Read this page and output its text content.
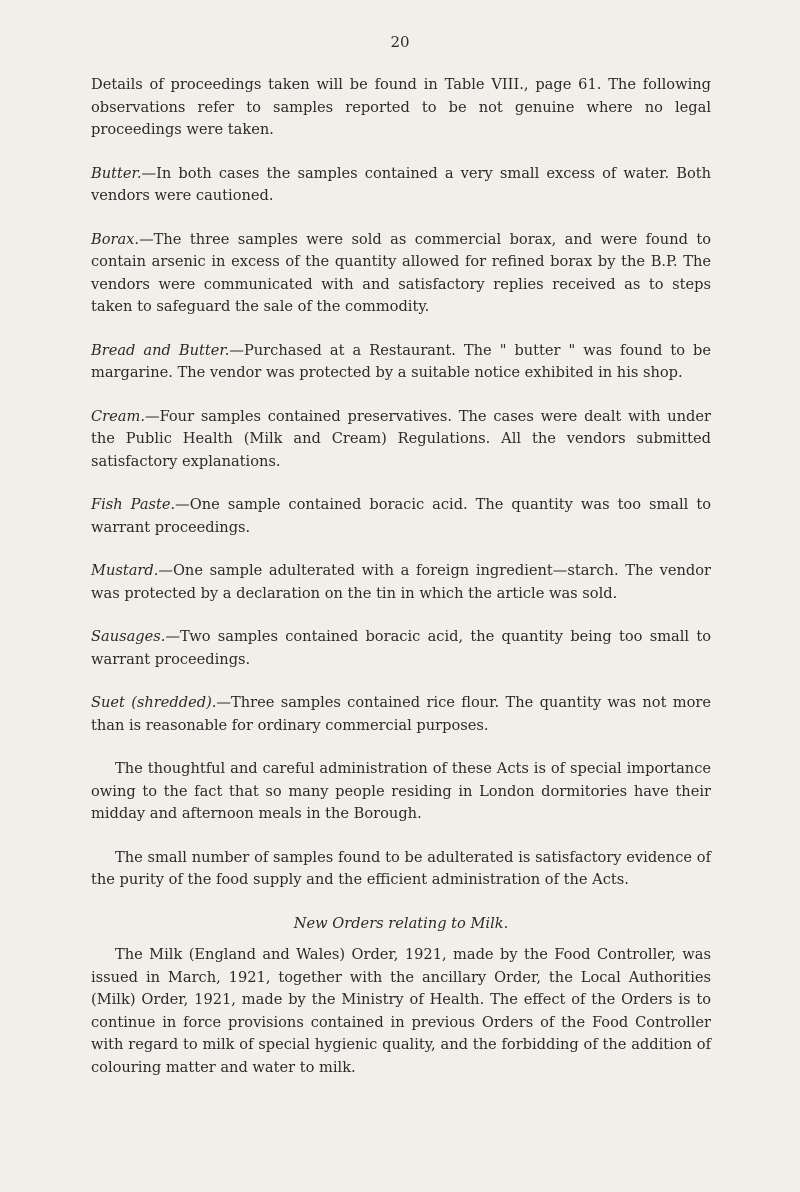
20

Details of proceedings taken will be found in Table VIII., page 61. The following observations refer to samples reported to be not genuine where no legal proceedings were taken.

Butter.—In both cases the samples contained a very small excess of water. Both vendors were cautioned.

Borax.—The three samples were sold as commercial borax, and were found to contain arsenic in excess of the quantity allowed for refined borax by the B.P. The vendors were communicated with and satisfactory replies received as to steps taken to safeguard the sale of the commodity.

Bread and Butter.—Purchased at a Restaurant. The " butter " was found to be margarine. The vendor was protected by a suitable notice exhibited in his shop.

Cream.—Four samples contained preservatives. The cases were dealt with under the Public Health (Milk and Cream) Regulations. All the vendors submitted satisfactory explanations.

Fish Paste.—One sample contained boracic acid. The quantity was too small to warrant proceedings.

Mustard.—One sample adulterated with a foreign ingredient—starch. The vendor was protected by a declaration on the tin in which the article was sold.

Sausages.—Two samples contained boracic acid, the quantity being too small to warrant proceedings.

Suet (shredded).—Three samples contained rice flour. The quantity was not more than is reasonable for ordinary commercial purposes.

The thoughtful and careful administration of these Acts is of special importance owing to the fact that so many people residing in London dormitories have their midday and afternoon meals in the Borough.

The small number of samples found to be adulterated is satisfactory evidence of the purity of the food supply and the efficient administration of the Acts.

New Orders relating to Milk.

The Milk (England and Wales) Order, 1921, made by the Food Controller, was issued in March, 1921, together with the ancillary Order, the Local Authorities (Milk) Order, 1921, made by the Ministry of Health. The effect of the Orders is to continue in force provisions contained in previous Orders of the Food Controller with regard to milk of special hygienic quality, and the forbidding of the addition of colouring matter and water to milk.
